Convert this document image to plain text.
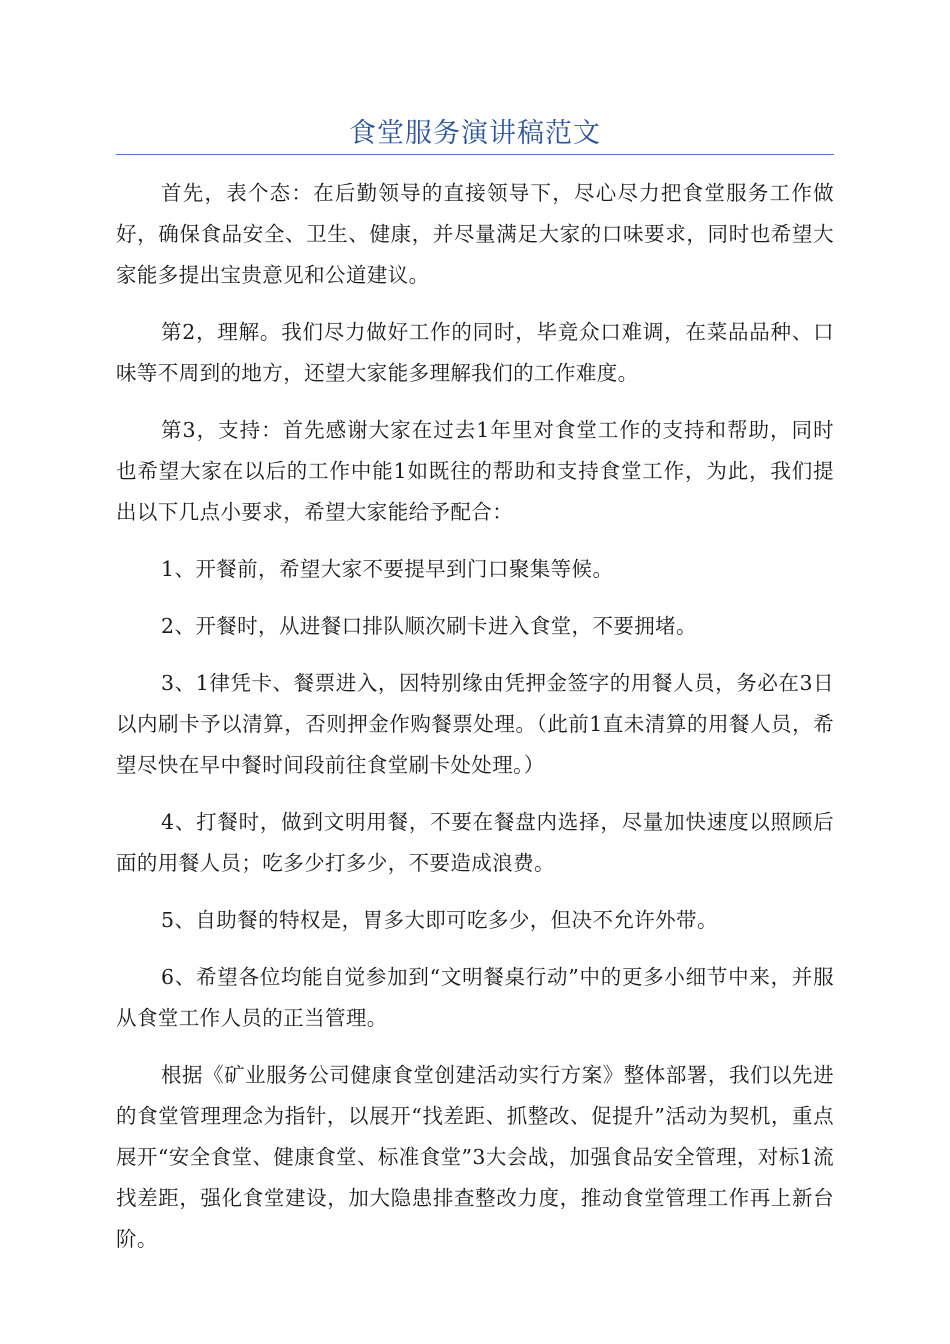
食堂服务演讲稿范文

首先，表个态：在后勤领导的直接领导下，尽心尽力把食堂服务工作做好，确保食品安全、卫生、健康，并尽量满足大家的口味要求，同时也希望大家能多提出宝贵意见和公道建议。

第2，理解。我们尽力做好工作的同时，毕竟众口难调，在菜品品种、口味等不周到的地方，还望大家能多理解我们的工作难度。

第3，支持：首先感谢大家在过去1年里对食堂工作的支持和帮助，同时也希望大家在以后的工作中能1如既往的帮助和支持食堂工作，为此，我们提出以下几点小要求，希望大家能给予配合：

1、开餐前，希望大家不要提早到门口聚集等候。

2、开餐时，从进餐口排队顺次刷卡进入食堂，不要拥堵。

3、1律凭卡、餐票进入，因特别缘由凭押金签字的用餐人员，务必在3日以内刷卡予以清算，否则押金作购餐票处理。（此前1直未清算的用餐人员，希望尽快在早中餐时间段前往食堂刷卡处处理。）

4、打餐时，做到文明用餐，不要在餐盘内选择，尽量加快速度以照顾后面的用餐人员；吃多少打多少，不要造成浪费。

5、自助餐的特权是，胃多大即可吃多少，但决不允许外带。

6、希望各位均能自觉参加到“文明餐桌行动”中的更多小细节中来，并服从食堂工作人员的正当管理。

根据《矿业服务公司健康食堂创建活动实行方案》整体部署，我们以先进的食堂管理理念为指针，以展开“找差距、抓整改、促提升”活动为契机，重点展开“安全食堂、健康食堂、标准食堂”3大会战，加强食品安全管理，对标1流找差距，强化食堂建设，加大隐患排查整改力度，推动食堂管理工作再上新台阶。
